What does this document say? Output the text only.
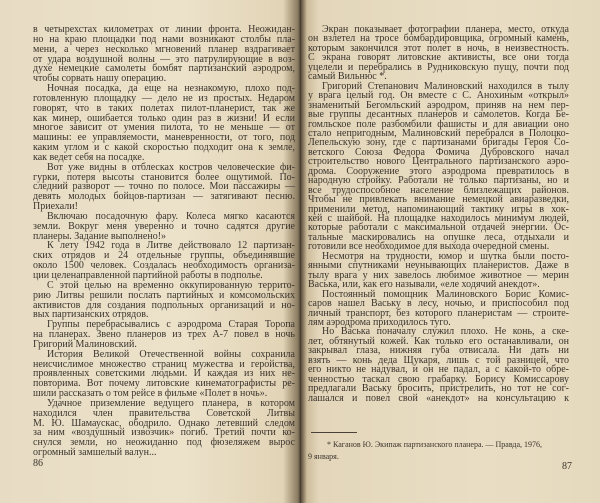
в четырехстах километрах от линии фронта. Неожидан-
но на краю площадки под нами возникают столбы пла-
мени, а через несколько мгновений планер вздрагивает
от удара воздушной волны — это патрулирующие в воз-
духе немецкие самолеты бомбят партизанский аэродром,
чтобы сорвать нашу операцию.
Ночная посадка, да еще на незнакомую, плохо под-
готовленную площадку — дело не из простых. Недаром
говорят, что в таких полетах пилот-планерист, так же
как минер, ошибается только один раз в жизни! И если
многое зависит от умения пилота, то не меньше — от
машины: ее управляемости, маневренности, от того, под
каким углом и с какой скоростью подходит она к земле,
как ведет себя на посадке.
Вот уже видны в отблесках костров человеческие фи-
гурки, потеря высоты становится более ощутимой. По-
следний разворот — точно по полосе. Мои пассажиры —
девять молодых бойцов-партизан — затягивают песню.
Приехали!
Включаю посадочную фару. Колеса мягко касаются
земли. Вокруг меня уверенно и точно садятся другие
планеры. Задание выполнено!»
К лету 1942 года в Литве действовало 12 партизан-
ских отрядов и 24 отдельные группы, объединявшие
около 1500 человек. Создалась необходимость организа-
ции целенаправленной партийной работы в подполье.
С этой целью на временно оккупированную террито-
рию Литвы решили послать партийных и комсомольских
активистов для создания подпольных организаций и но-
вых партизанских отрядов.
Группы перебрасывались с аэродрома Старая Торопа
на планерах. Звено планеров из трех А-7 повел в ночь
Григорий Малиновский.
История Великой Отечественной войны сохранила
неисчислимое множество страниц мужества и геройства,
проявленных советскими людьми. И каждая из них не-
повторима. Вот почему литовские кинематографисты ре-
шили рассказать о том рейсе в фильме «Полет в ночь».
Удачное приземление ведущего планера, в котором
находился член правительства Советской Литвы
М. Ю. Шамаускас, ободрило. Однако летевший следом
за ним «воздушный извозчик» погиб. Третий почти ко-
снулся земли, но неожиданно под фюзеляжем вырос
огромный замшелый валун...
86
Экран показывает фотографии планера, место, откуда
он взлетел на тросе бомбардировщика, огромный камень,
которым закончился этот полет в ночь, в неизвестность.
С экрана говорят литовские активисты, все они тогда
уцелели и перебрались в Рудниковскую пущу, почти под
самый Вильнюс *.
Григорий Степанович Малиновский находился в тылу
у врага целый год. Он вместе с С. Анохиным «открыл»
знаменитый Бегомльский аэродром, приняв на нем пер-
вые группы десантных планеров и самолетов. Когда Бе-
гомльское поле разбомбили фашисты и для авиации оно
стало непригодным, Малиновский перебрался в Полоцко-
Лепельскую зону, где с партизанами бригады Героя Со-
ветского Союза Федора Фомича Дубровского начал
строительство нового Центрального партизанского аэро-
дрома. Сооружение этого аэродрома превратилось в
народную стройку. Работали не только партизаны, но и
все трудоспособное население близлежащих районов.
Чтобы не привлекать внимание немецкой авиаразведки,
применили метод, напоминающий тактику игры в хок-
кей с шайбой. На площадке находилось минимум людей,
которые работали с максимальной отдачей энергии. Ос-
тальные маскировались на опушке леса, отдыхали и
готовили все необходимое для выхода очередной смены.
Несмотря на трудности, юмор и шутка были посто-
янными спутниками неунывающих планеристов. Даже в
тылу врага у них завелось любимое животное — мерин
Васька, или, как его называли, «еле ходячий анекдот».
Постоянный помощник Малиновского Борис Комис-
саров нашел Ваську в лесу, ночью, и приспособил под
личный транспорт, без которого планеристам — строите-
лям аэродрома приходилось туго.
Но Васька поначалу служил плохо. Не конь, а ске-
лет, обтянутый кожей. Как только его останавливали, он
закрывал глаза, нижняя губа отвисала. Ни дать ни
взять — конь деда Щукаря, лишь с той разницей, что
его никто не надувал, и он не падал, а с какой-то обре-
ченностью таскал свою грабарку. Борису Комиссарову
предлагали Ваську бросить, пристрелить, но тот не сог-
лашался и повел свой «анекдот» на консультацию к
* Каганов Ю. Экипаж партизанского планера. — Правда, 1976,
9 января.
87
